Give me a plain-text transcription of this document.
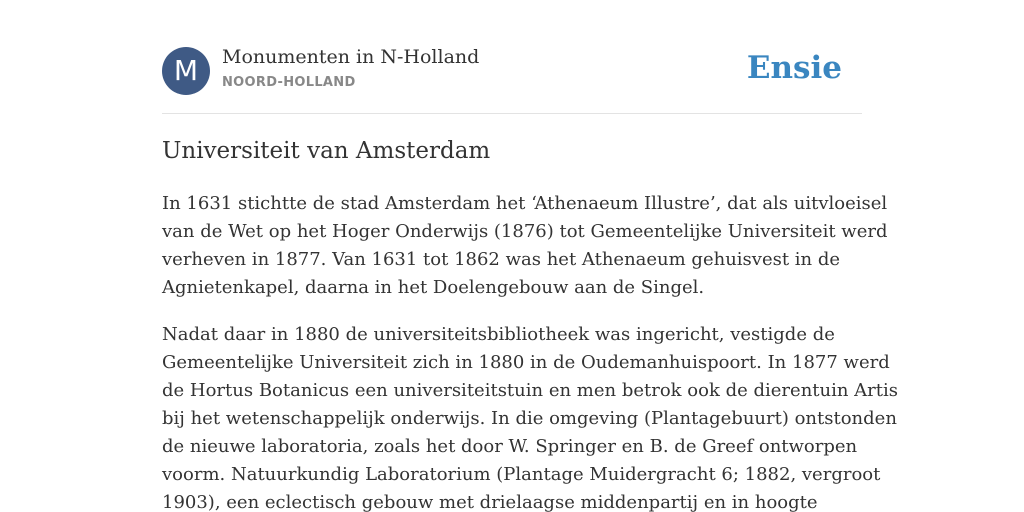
M	Monumenten in N-Holland
NOORD-HOLLAND	Ensie
Universiteit van Amsterdam

In 1631 stichtte de stad Amsterdam het ‘Athenaeum Illustre’, dat als uitvloeisel
van de Wet op het Hoger Onderwijs (1876) tot Gemeentelijke Universiteit werd
verheven in 1877. Van 1631 tot 1862 was het Athenaeum gehuisvest in de
Agnietenkapel, daarna in het Doelengebouw aan de Singel.

Nadat daar in 1880 de universiteitsbibliotheek was ingericht, vestigde de
Gemeentelijke Universiteit zich in 1880 in de Oudemanhuispoort. In 1877 werd
de Hortus Botanicus een universiteitstuin en men betrok ook de dierentuin Artis
bij het wetenschappelijk onderwijs. In die omgeving (Plantagebuurt) ontstonden
de nieuwe laboratoria, zoals het door W. Springer en B. de Greef ontworpen
voorm. Natuurkundig Laboratorium (Plantage Muidergracht 6; 1882, vergroot
1903), een eclectisch gebouw met drielaagse middenpartij en in hoogte
